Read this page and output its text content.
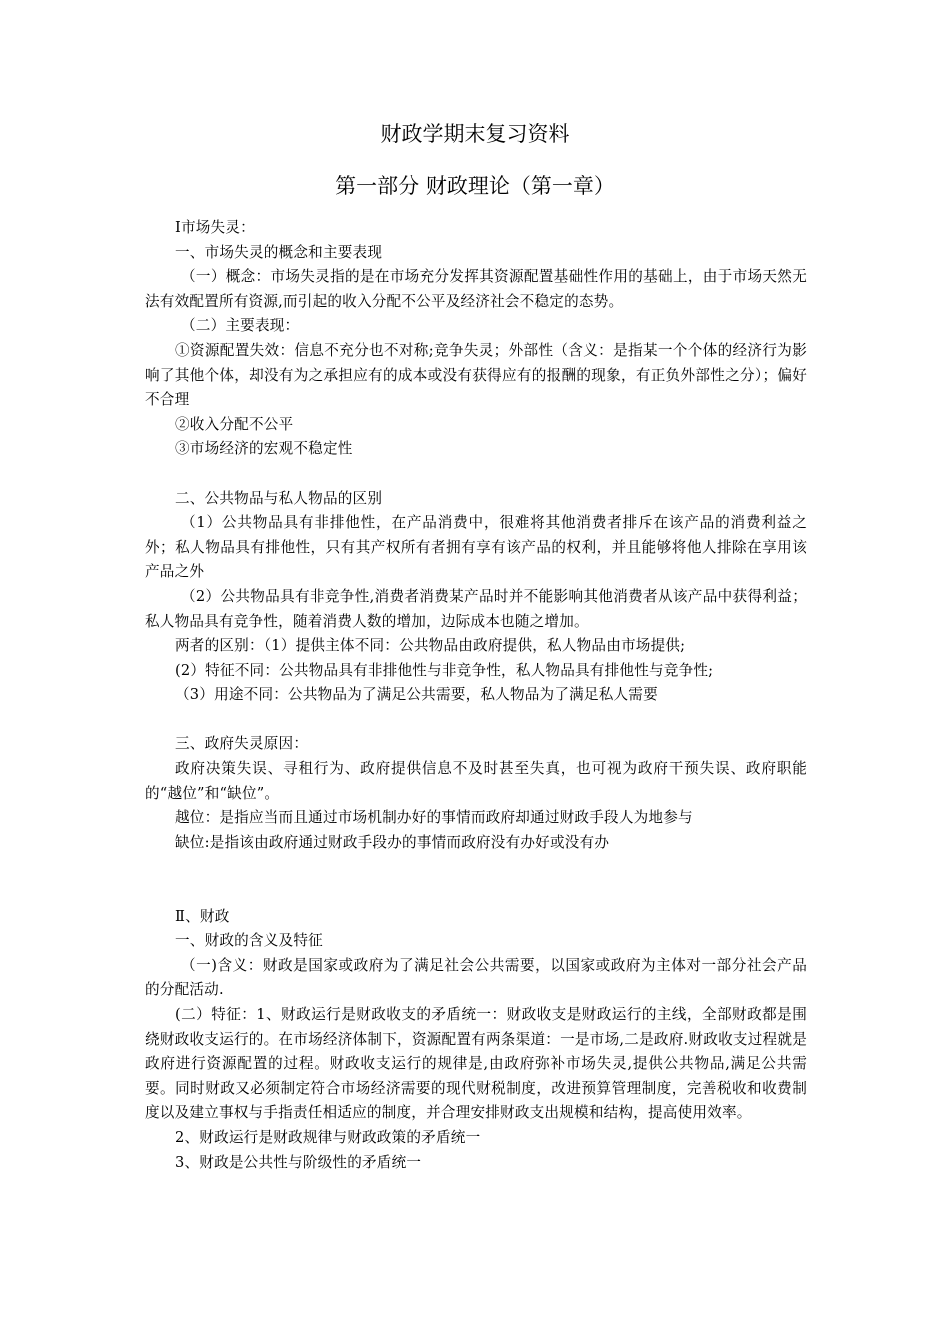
财政学期末复习资料
第一部分 财政理论（第一章）

Ⅰ市场失灵：

一、市场失灵的概念和主要表现

（一）概念：市场失灵指的是在市场充分发挥其资源配置基础性作用的基础上，由于市场天然无法有效配置所有资源,而引起的收入分配不公平及经济社会不稳定的态势。

（二）主要表现：

①资源配置失效：信息不充分也不对称;竞争失灵；外部性（含义：是指某一个个体的经济行为影响了其他个体，却没有为之承担应有的成本或没有获得应有的报酬的现象，有正负外部性之分）；偏好不合理

②收入分配不公平

③市场经济的宏观不稳定性

二、公共物品与私人物品的区别

（1）公共物品具有非排他性，在产品消费中，很难将其他消费者排斥在该产品的消费利益之外；私人物品具有排他性，只有其产权所有者拥有享有该产品的权利，并且能够将他人排除在享用该产品之外

（2）公共物品具有非竞争性,消费者消费某产品时并不能影响其他消费者从该产品中获得利益；私人物品具有竞争性，随着消费人数的增加，边际成本也随之增加。

两者的区别：（1）提供主体不同：公共物品由政府提供，私人物品由市场提供;

(2）特征不同：公共物品具有非排他性与非竞争性，私人物品具有排他性与竞争性;

（3）用途不同：公共物品为了满足公共需要，私人物品为了满足私人需要

三、政府失灵原因：

政府决策失误、寻租行为、政府提供信息不及时甚至失真，也可视为政府干预失误、政府职能的“越位”和“缺位”。

越位：是指应当而且通过市场机制办好的事情而政府却通过财政手段人为地参与

缺位:是指该由政府通过财政手段办的事情而政府没有办好或没有办

Ⅱ、财政

一、财政的含义及特征

（一)含义：财政是国家或政府为了满足社会公共需要，以国家或政府为主体对一部分社会产品的分配活动.

(二）特征：1、财政运行是财政收支的矛盾统一：财政收支是财政运行的主线，全部财政都是围绕财政收支运行的。在市场经济体制下，资源配置有两条渠道：一是市场,二是政府.财政收支过程就是政府进行资源配置的过程。财政收支运行的规律是,由政府弥补市场失灵,提供公共物品,满足公共需要。同时财政又必须制定符合市场经济需要的现代财税制度，改进预算管理制度，完善税收和收费制度以及建立事权与手指责任相适应的制度，并合理安排财政支出规模和结构，提高使用效率。

2、财政运行是财政规律与财政政策的矛盾统一

3、财政是公共性与阶级性的矛盾统一
